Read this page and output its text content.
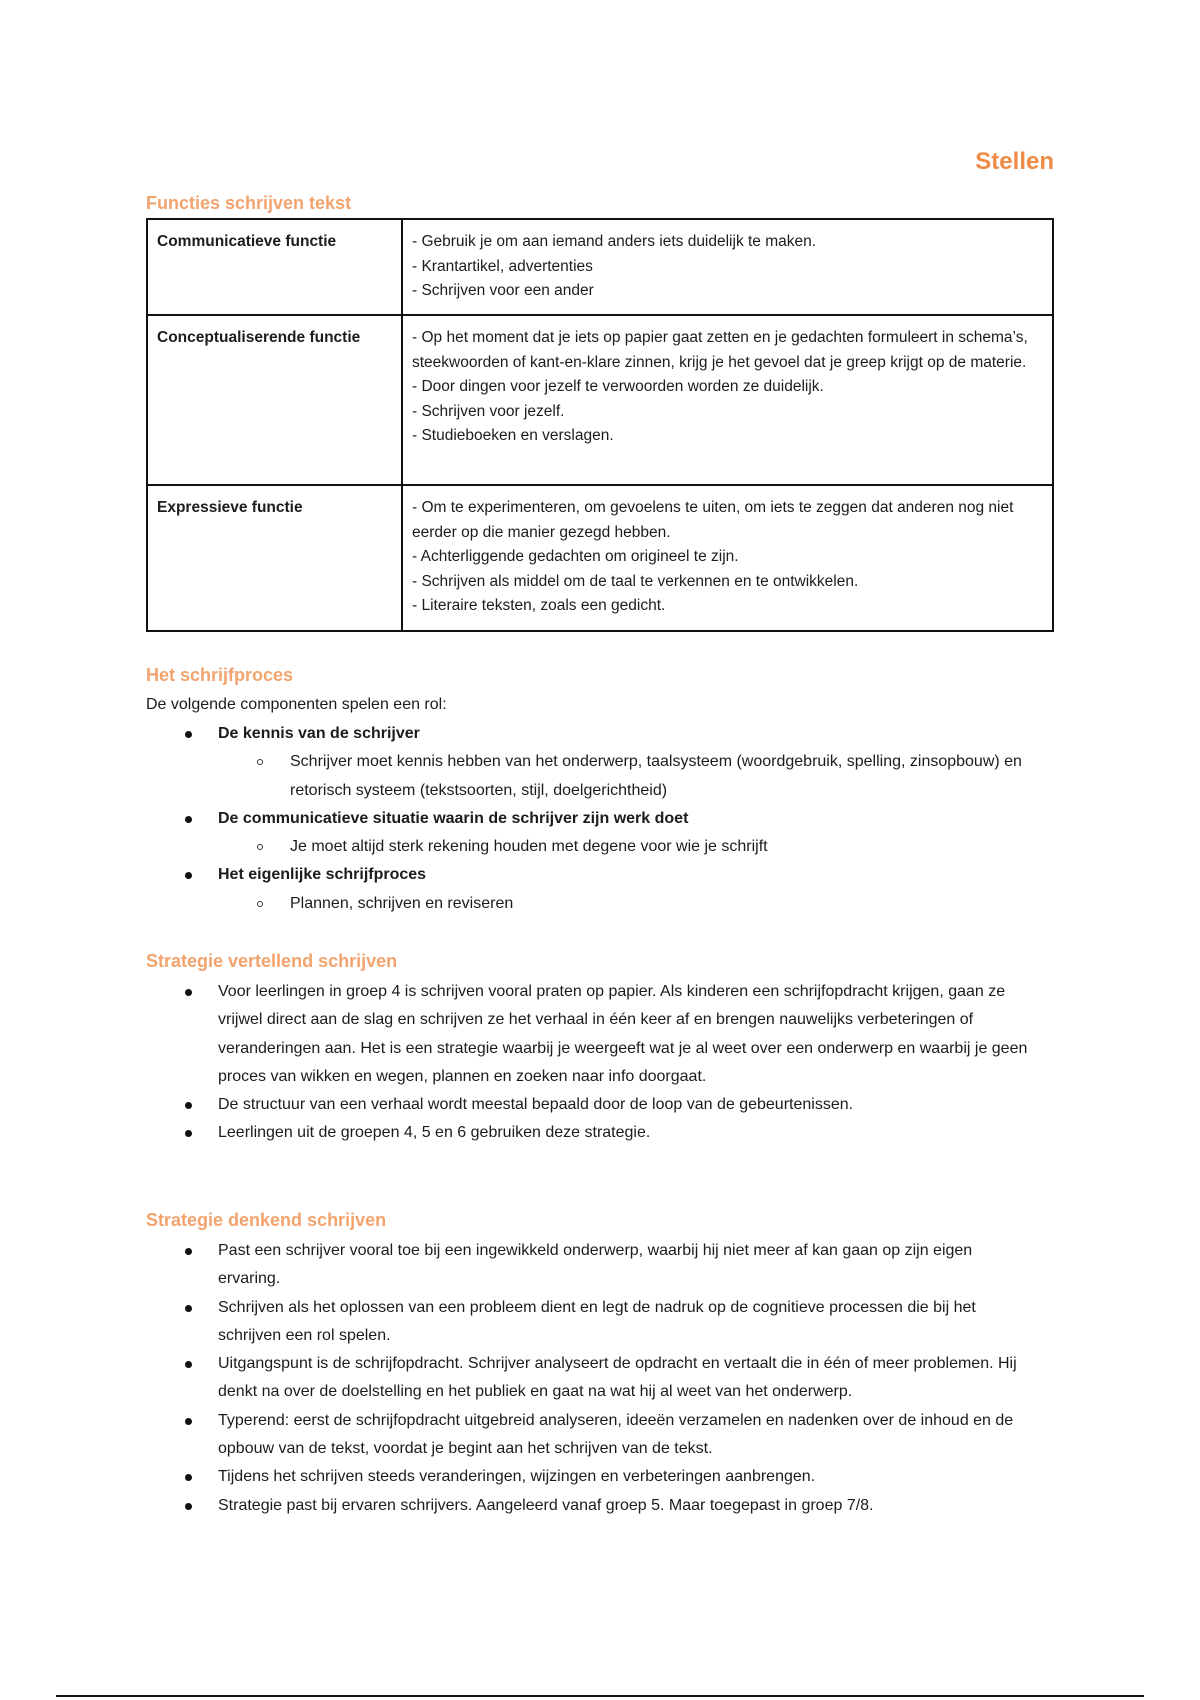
Stellen
Functies schrijven tekst
Communicatieve functie	- Gebruik je om aan iemand anders iets duidelijk te maken.
- Krantartikel, advertenties
- Schrijven voor een ander

Conceptualiserende functie	- Op het moment dat je iets op papier gaat zetten en je gedachten formuleert in schema’s, steekwoorden of kant-en-klare zinnen, krijg je het gevoel dat je greep krijgt op de materie.
- Door dingen voor jezelf te verwoorden worden ze duidelijk.
- Schrijven voor jezelf.
- Studieboeken en verslagen.

Expressieve functie	- Om te experimenteren, om gevoelens te uiten, om iets te zeggen dat anderen nog niet eerder op die manier gezegd hebben.
- Achterliggende gedachten om origineel te zijn.
- Schrijven als middel om de taal te verkennen en te ontwikkelen.
- Literaire teksten, zoals een gedicht.
Het schrijfproces

De volgende componenten spelen een rol:

De kennis van de schrijver
Schrijver moet kennis hebben van het onderwerp, taalsysteem (woordgebruik, spelling, zinsopbouw) en retorisch systeem (tekstsoorten, stijl, doelgerichtheid)
De communicatieve situatie waarin de schrijver zijn werk doet
Je moet altijd sterk rekening houden met degene voor wie je schrijft
Het eigenlijke schrijfproces
Plannen, schrijven en reviseren
Strategie vertellend schrijven
Voor leerlingen in groep 4 is schrijven vooral praten op papier. Als kinderen een schrijfopdracht krijgen, gaan ze vrijwel direct aan de slag en schrijven ze het verhaal in één keer af en brengen nauwelijks verbeteringen of veranderingen aan. Het is een strategie waarbij je weergeeft wat je al weet over een onderwerp en waarbij je geen proces van wikken en wegen, plannen en zoeken naar info doorgaat.
De structuur van een verhaal wordt meestal bepaald door de loop van de gebeurtenissen.
Leerlingen uit de groepen 4, 5 en 6 gebruiken deze strategie.
Strategie denkend schrijven
Past een schrijver vooral toe bij een ingewikkeld onderwerp, waarbij hij niet meer af kan gaan op zijn eigen ervaring.
Schrijven als het oplossen van een probleem dient en legt de nadruk op de cognitieve processen die bij het schrijven een rol spelen.
Uitgangspunt is de schrijfopdracht. Schrijver analyseert de opdracht en vertaalt die in één of meer problemen. Hij denkt na over de doelstelling en het publiek en gaat na wat hij al weet van het onderwerp.
Typerend: eerst de schrijfopdracht uitgebreid analyseren, ideeën verzamelen en nadenken over de inhoud en de opbouw van de tekst, voordat je begint aan het schrijven van de tekst.
Tijdens het schrijven steeds veranderingen, wijzingen en verbeteringen aanbrengen.
Strategie past bij ervaren schrijvers. Aangeleerd vanaf groep 5. Maar toegepast in groep 7/8.
